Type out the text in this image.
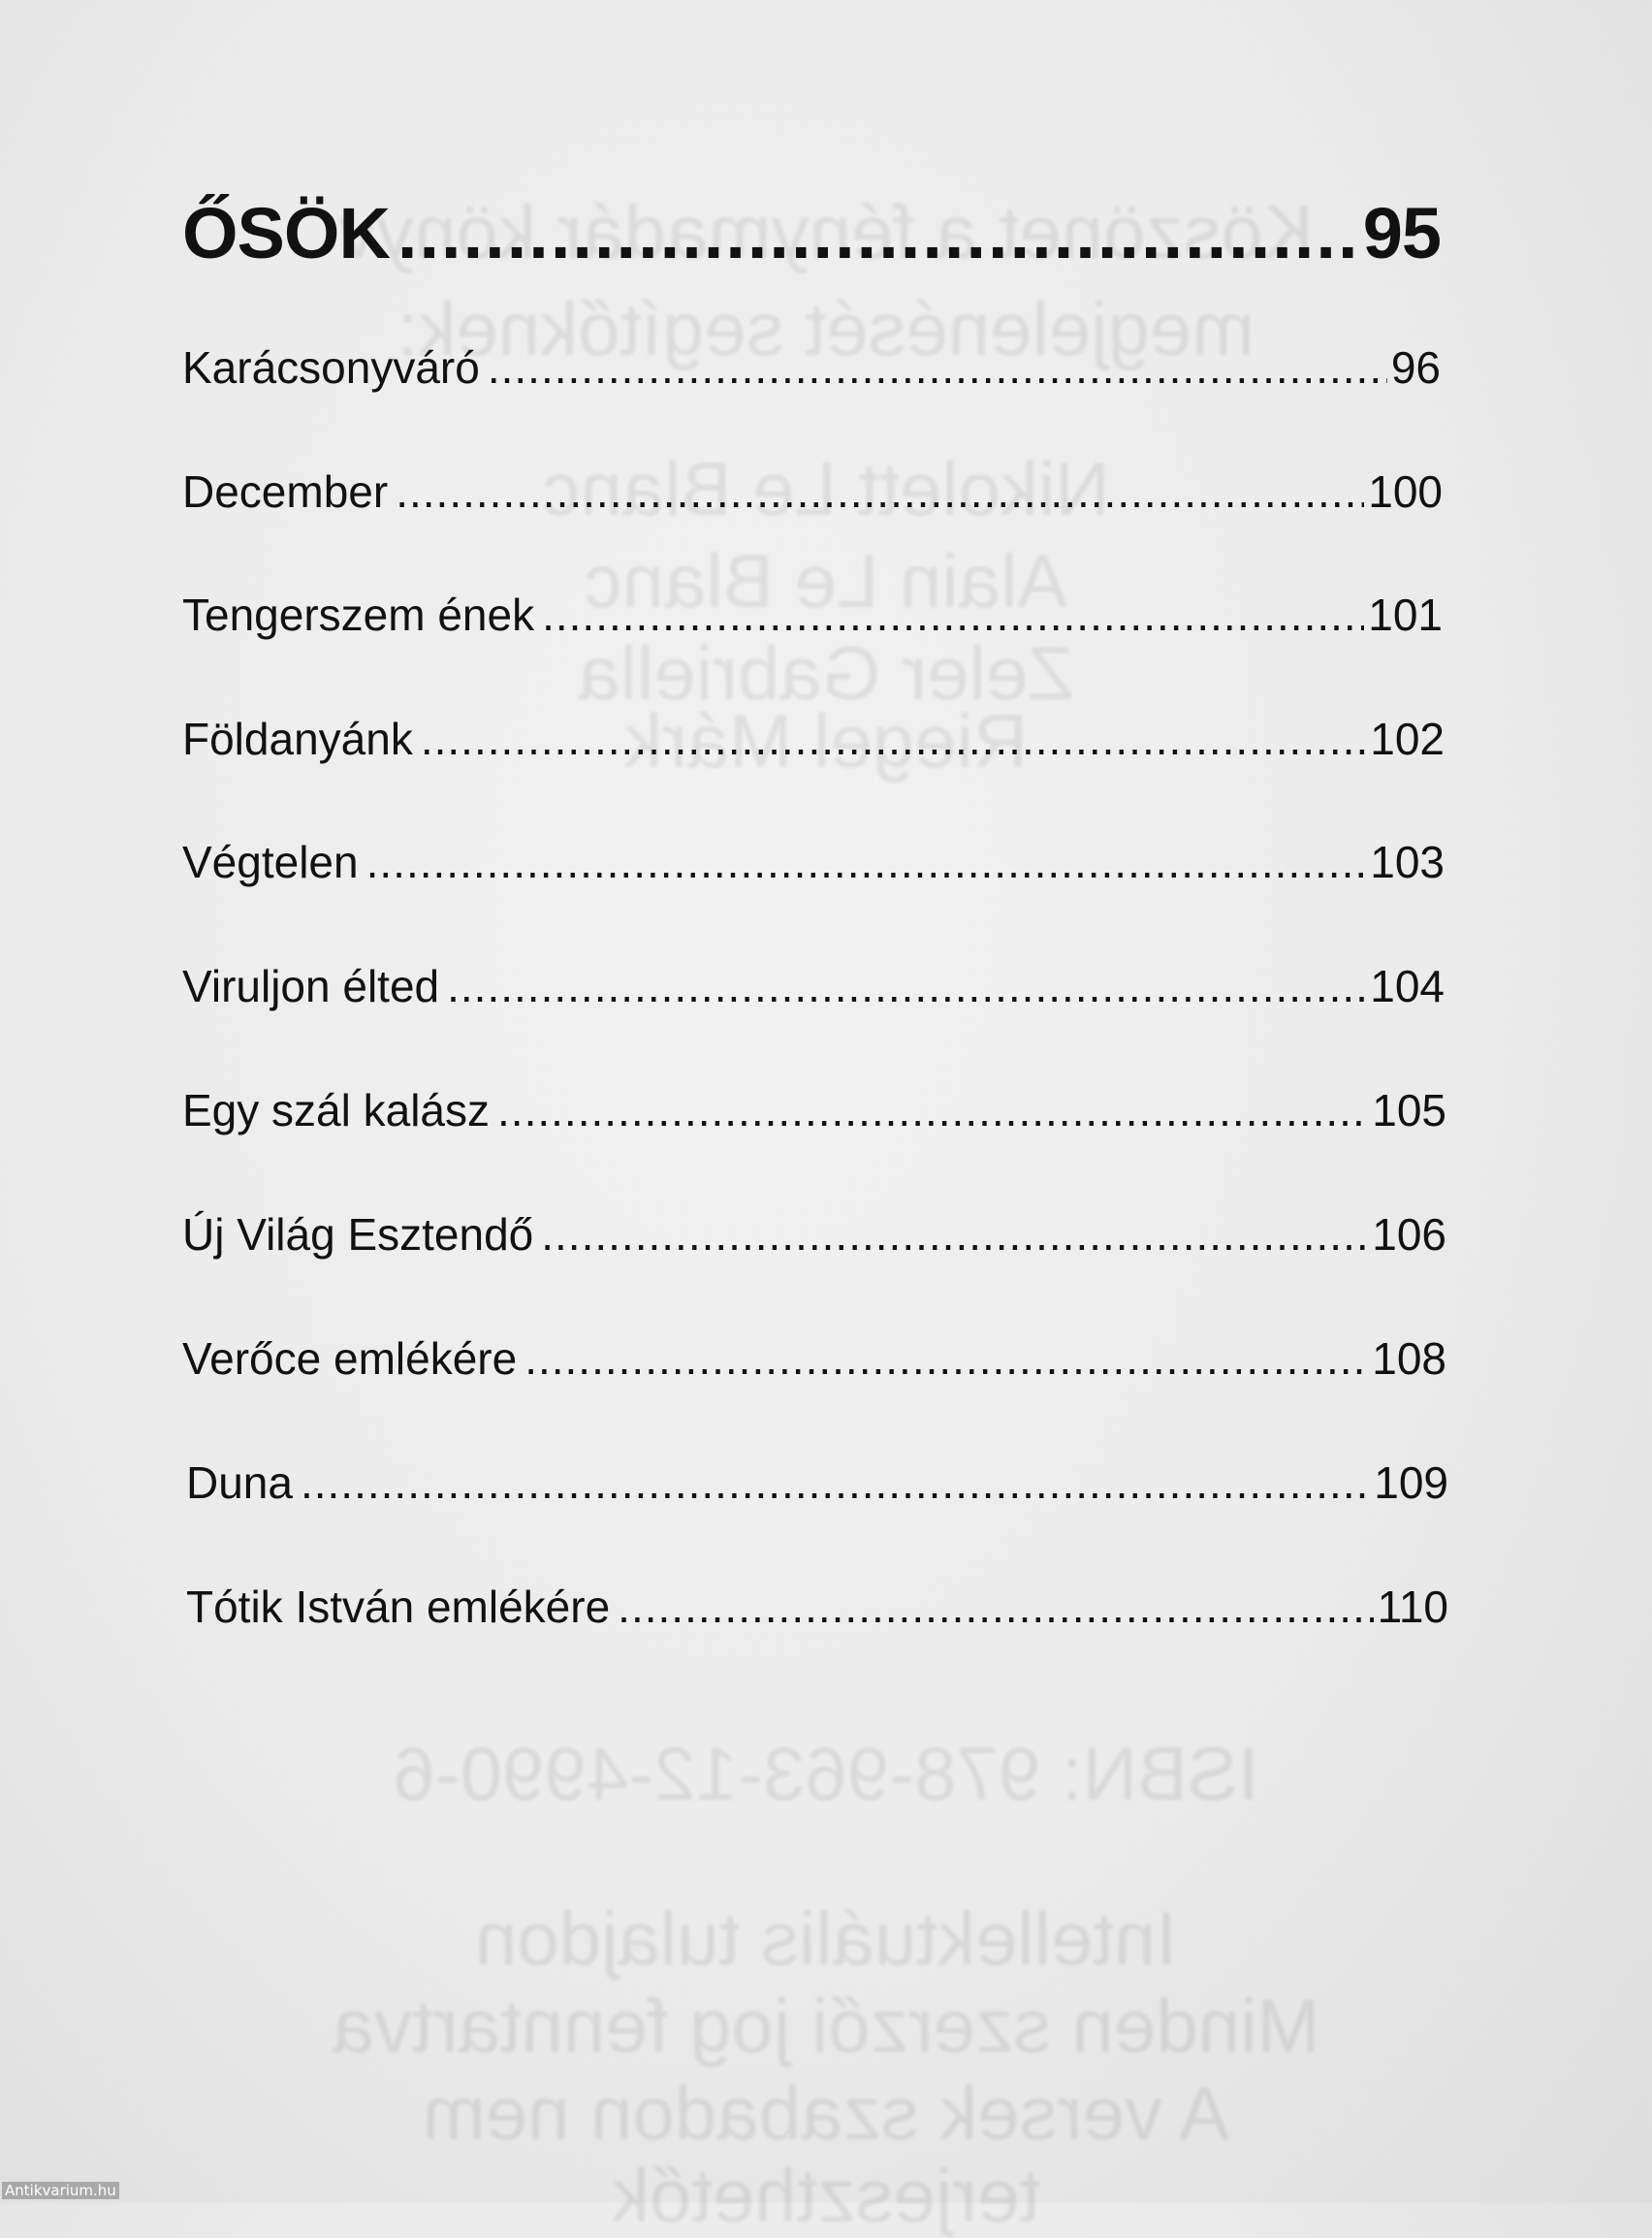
Köszönet a fénymadár könyv
megjelenését segítőknek:
Nikolett Le Blanc
Alain Le Blanc
Zeler Gabriella
Riegel Márk
ISBN: 978-963-12-4990-6
Intellektuális tulajdon
Minden szerzői jog fenntartva
A versek szabadon nem
terjeszthetők
ŐSÖK .....	95
Karácsonyváró .....	96
December .....	100
Tengerszem ének .....	101
Földanyánk .....	102
Végtelen .....	103
Viruljon élted .....	104
Egy szál kalász .....	105
Új Világ Esztendő .....	106
Verőce emlékére .....	108
Duna .....	109
Tótik István emlékére .....	110
Antikvarium.hu
